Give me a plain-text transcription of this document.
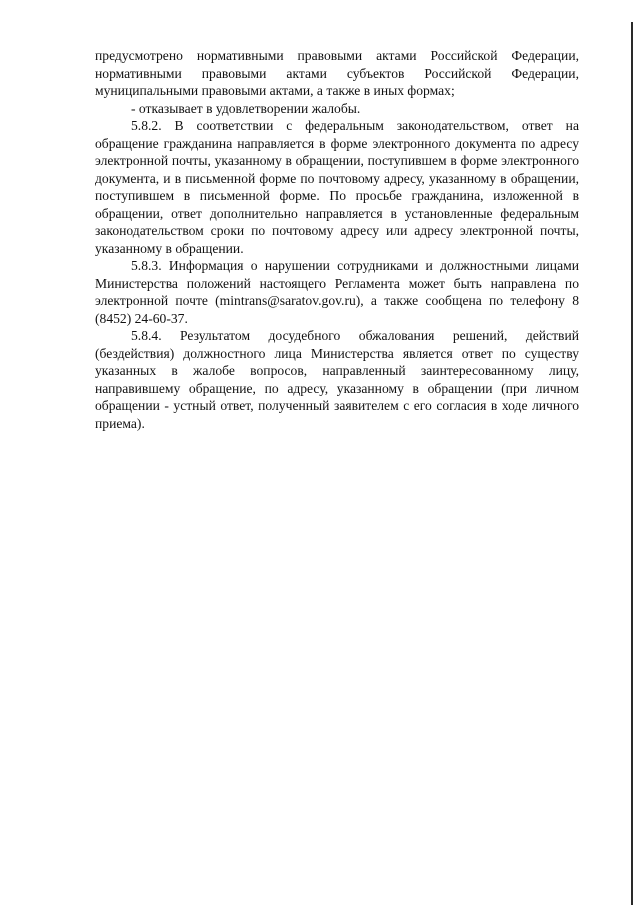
предусмотрено нормативными правовыми актами Российской Федерации, нормативными правовыми актами субъектов Российской Федерации, муниципальными правовыми актами, а также в иных формах;

- отказывает в удовлетворении жалобы.

5.8.2. В соответствии с федеральным законодательством, ответ на обращение гражданина направляется в форме электронного документа по адресу электронной почты, указанному в обращении, поступившем в форме электронного документа, и в письменной форме по почтовому адресу, указанному в обращении, поступившем в письменной форме. По просьбе гражданина, изложенной в обращении, ответ дополнительно направляется в установленные федеральным законодательством сроки по почтовому адресу или адресу электронной почты, указанному в обращении.

5.8.3. Информация о нарушении сотрудниками и должностными лицами Министерства положений настоящего Регламента может быть направлена по электронной почте (mintrans@saratov.gov.ru), а также сообщена по телефону 8 (8452) 24-60-37.

5.8.4. Результатом досудебного обжалования решений, действий (бездействия) должностного лица Министерства является ответ по существу указанных в жалобе вопросов, направленный заинтересованному лицу, направившему обращение, по адресу, указанному в обращении (при личном обращении - устный ответ, полученный заявителем с его согласия в ходе личного приема).
